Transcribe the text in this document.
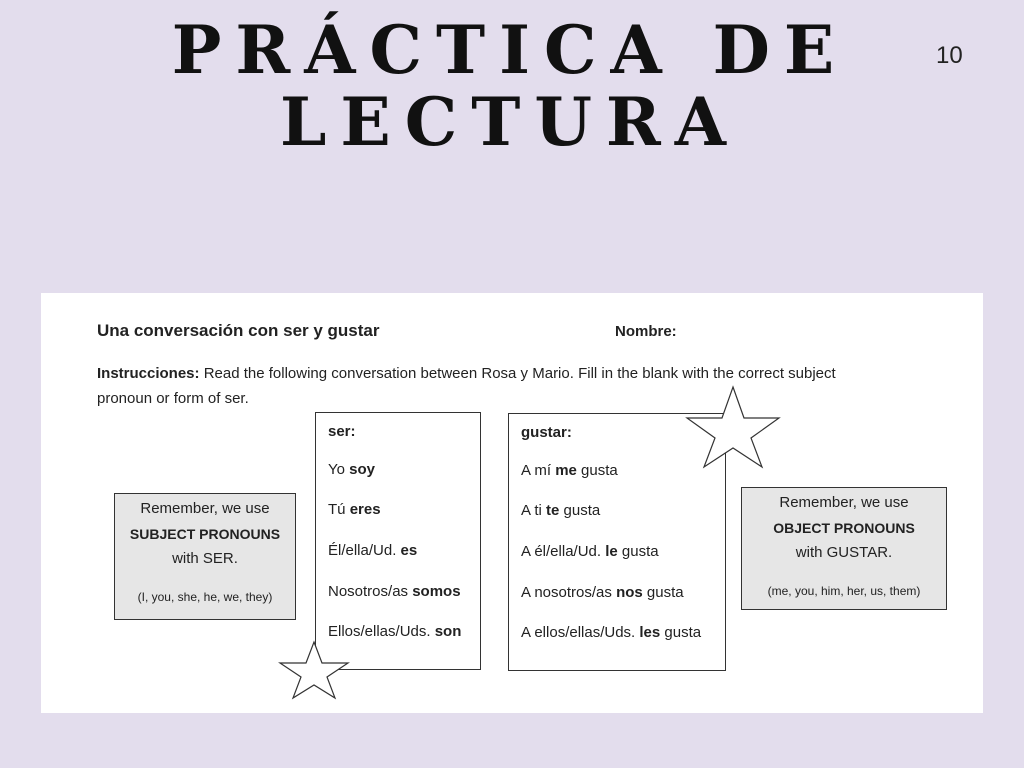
PRÁCTICA DE LECTURA
10
Una conversación con ser y gustar	Nombre:
Instrucciones: Read the following conversation between Rosa y Mario. Fill in the blank with the correct subject
pronoun or form of ser.
Remember, we use
SUBJECT PRONOUNS
with SER.
(I, you, she, he, we, they)
ser:
Yo soy
Tú eres
Él/ella/Ud. es
Nosotros/as somos
Ellos/ellas/Uds. son
gustar:
A mí me gusta
A ti te gusta
A él/ella/Ud. le gusta
A nosotros/as nos gusta
A ellos/ellas/Uds. les gusta
Remember, we use
OBJECT PRONOUNS
with GUSTAR.
(me, you, him, her, us, them)
